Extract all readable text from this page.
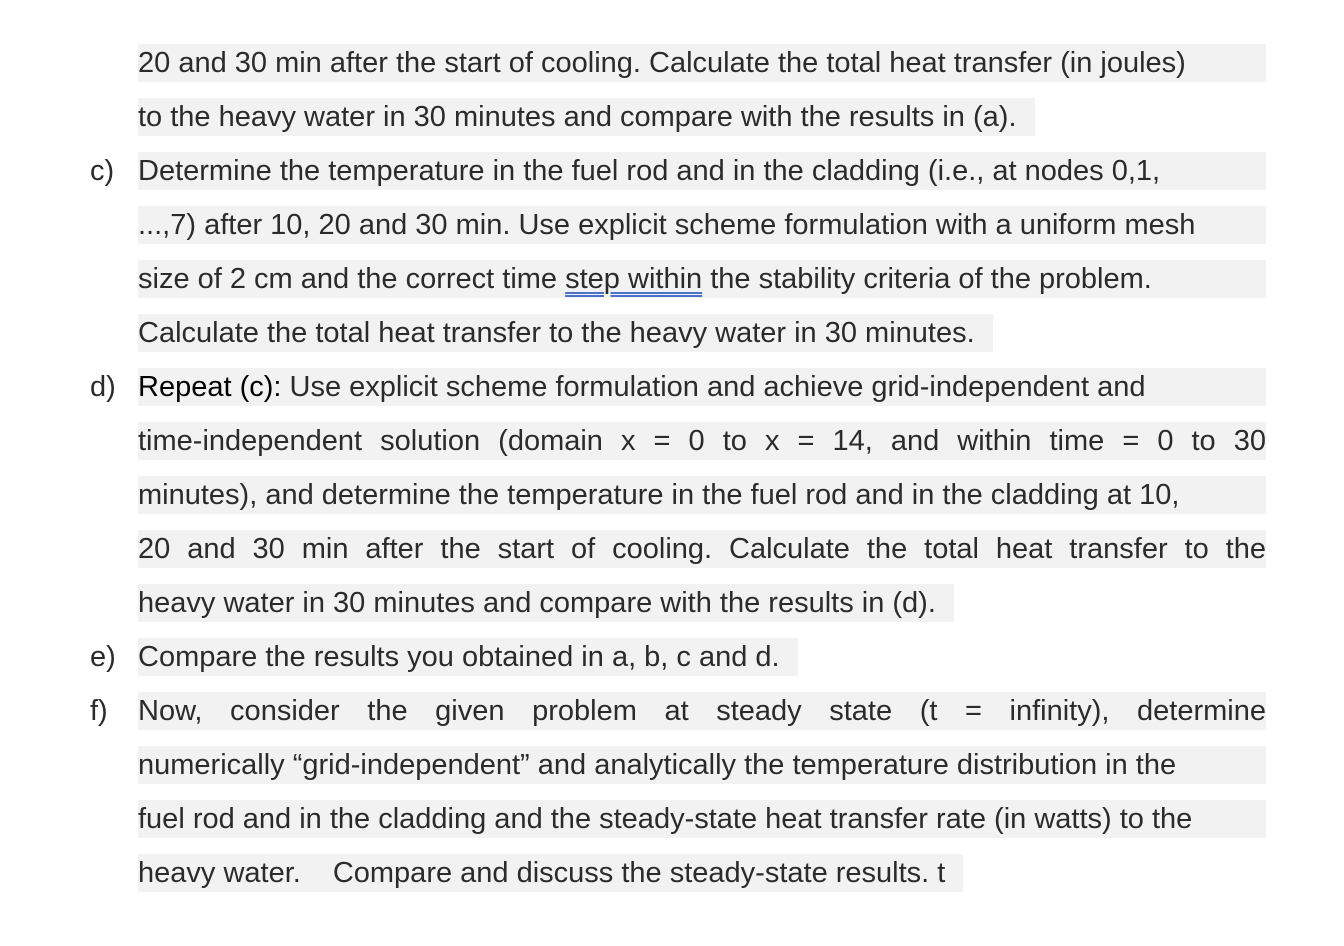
20 and 30 min after the start of cooling. Calculate the total heat transfer (in joules)
to the heavy water in 30 minutes and compare with the results in (a).
c) Determine the temperature in the fuel rod and in the cladding (i.e., at nodes 0,1,
...,7) after 10, 20 and 30 min. Use explicit scheme formulation with a uniform mesh
size of 2 cm and the correct time step within the stability criteria of the problem.
Calculate the total heat transfer to the heavy water in 30 minutes.
d) Repeat (c): Use explicit scheme formulation and achieve grid-independent and
time-independent solution (domain x = 0 to x = 14, and within time = 0 to 30
minutes), and determine the temperature in the fuel rod and in the cladding at 10,
20 and 30 min after the start of cooling. Calculate the total heat transfer to the
heavy water in 30 minutes and compare with the results in (d).
e) Compare the results you obtained in a, b, c and d.
f) Now, consider the given problem at steady state (t = infinity), determine
numerically “grid-independent” and analytically the temperature distribution in the
fuel rod and in the cladding and the steady-state heat transfer rate (in watts) to the
heavy water. Compare and discuss the steady-state results. t
